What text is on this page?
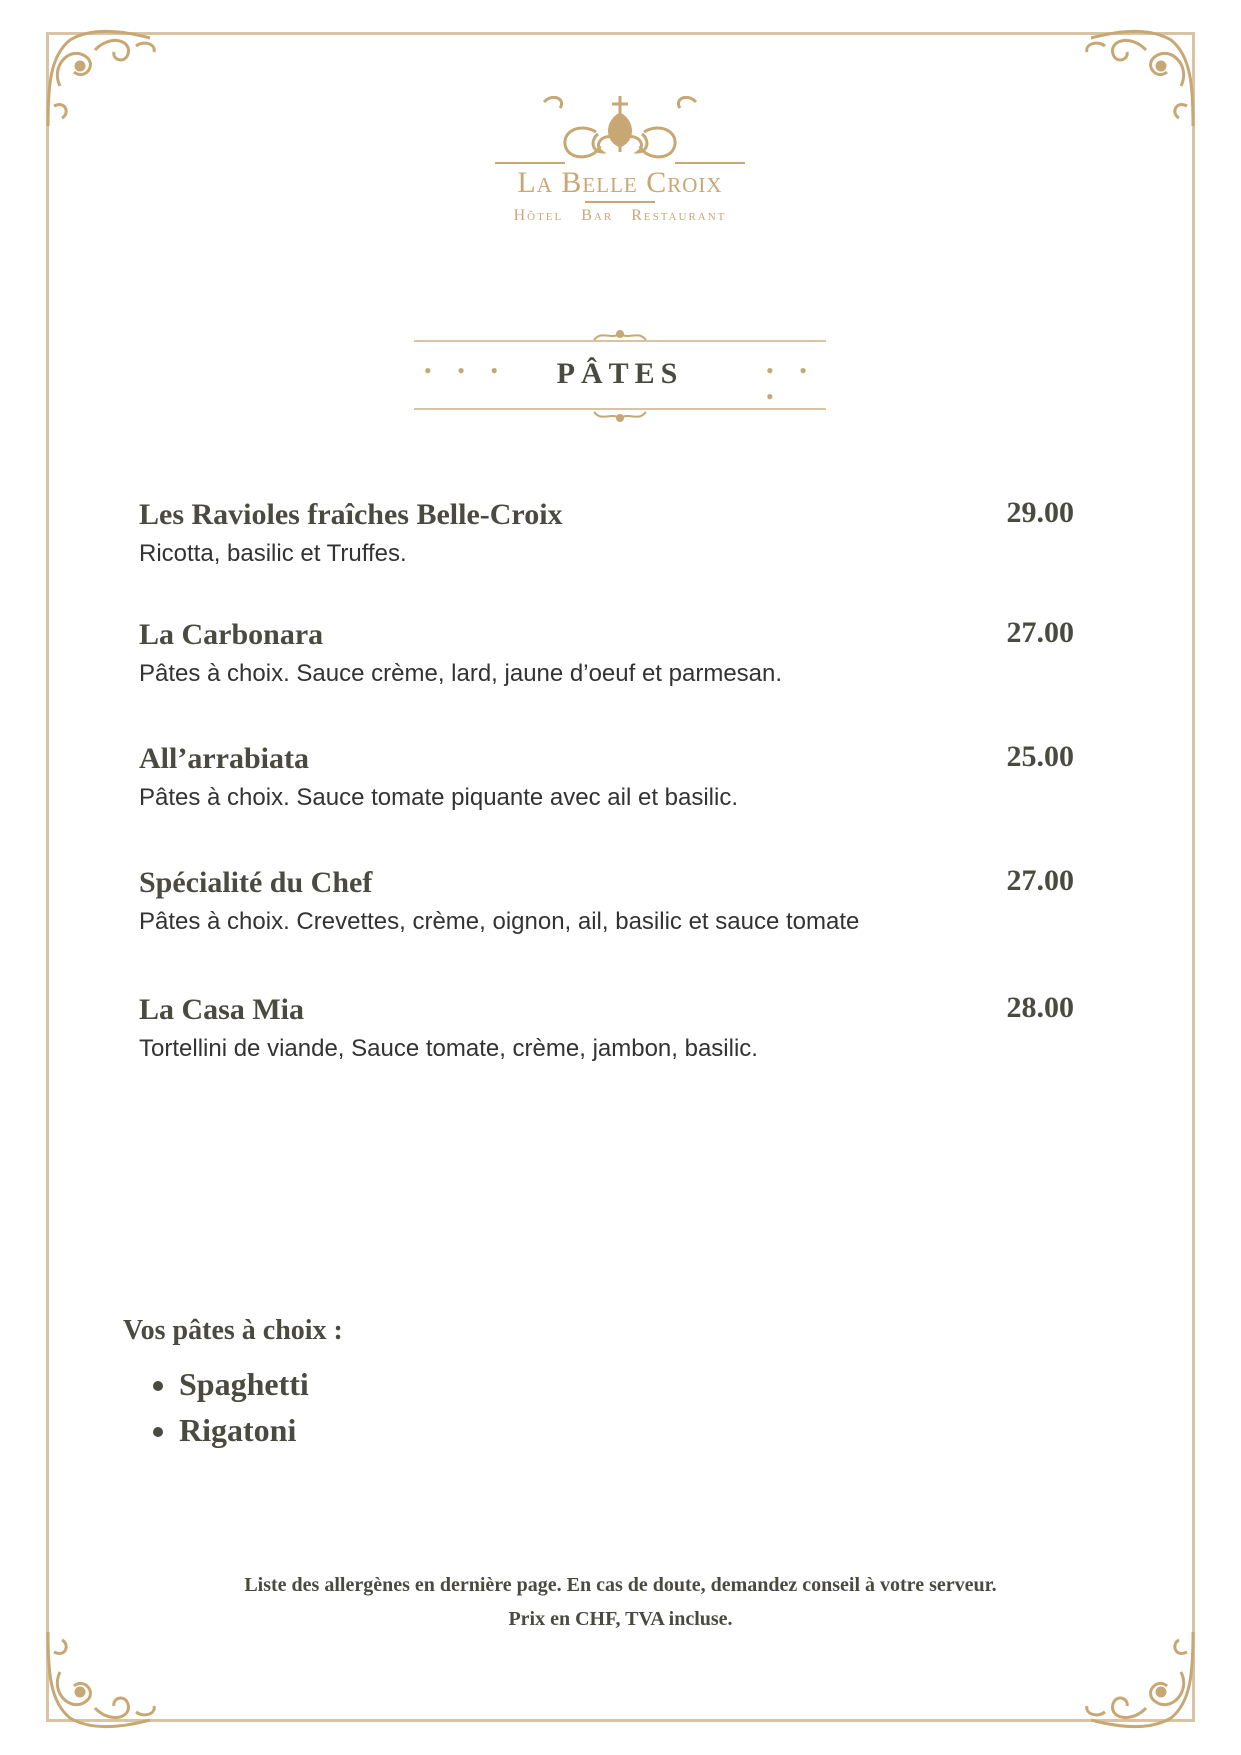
La Belle Croix
Hôtel   Bar   Restaurant
• • •	• • •
PÂTES
Les Ravioles fraîches Belle-Croix	29.00
Ricotta, basilic et Truffes.
La Carbonara	27.00
Pâtes à choix. Sauce crème, lard, jaune d’oeuf et parmesan.
All’arrabiata	25.00
Pâtes à choix. Sauce tomate piquante avec ail et basilic.
Spécialité du Chef	27.00
Pâtes à choix. Crevettes, crème, oignon, ail, basilic et sauce tomate
La Casa Mia	28.00
Tortellini de viande, Sauce tomate, crème, jambon, basilic.
Vos pâtes à choix :
• Spaghetti
• Rigatoni
Liste des allergènes en dernière page. En cas de doute, demandez conseil à votre serveur.
Prix en CHF, TVA incluse.
